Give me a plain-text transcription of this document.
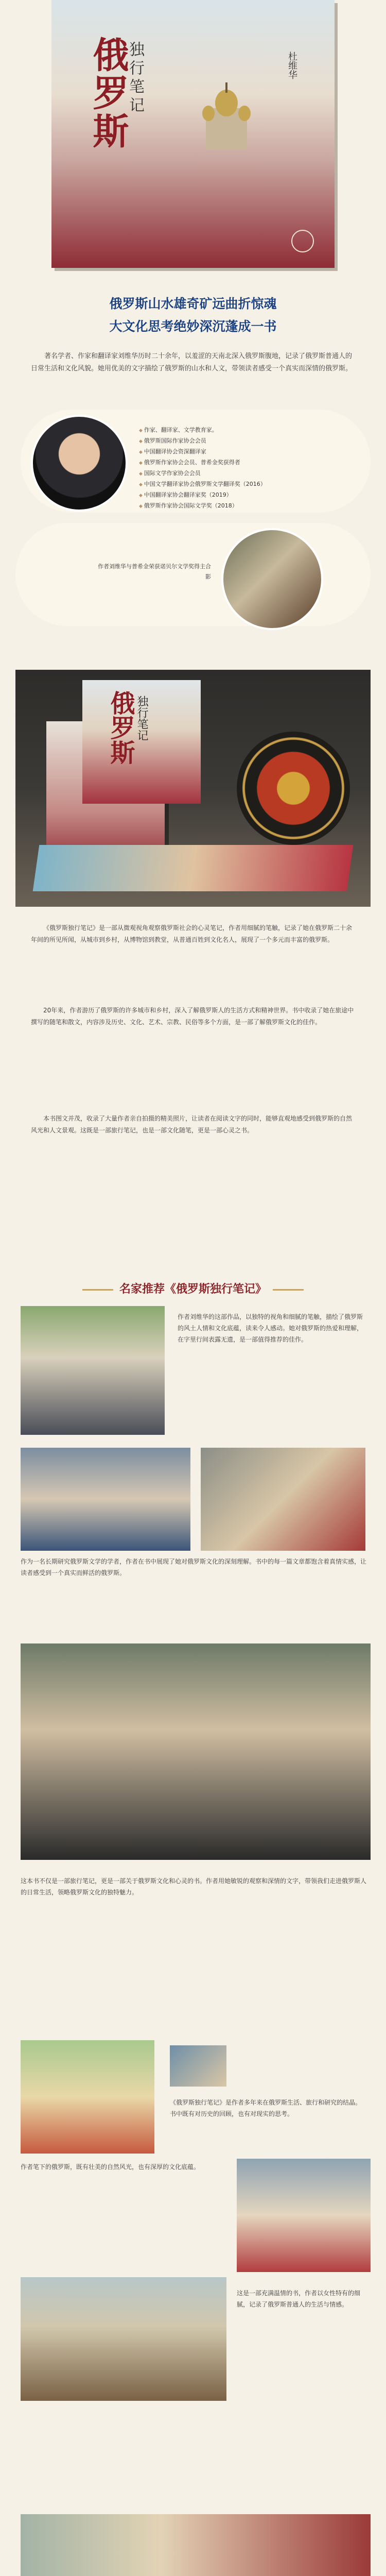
俄罗斯
独行笔记	杜维华
俄罗斯山水雄奇矿远曲折惊魂
大文化思考绝妙深沉蓬成一书
著名学者、作家和翻译家刘维华历时二十余年，以羞涩的天南北深入俄罗斯腹地，记录了俄罗斯普通人的日常生活和文化风貌。她用优美的文字描绘了俄罗斯的山水和人文，带领读者感受一个真实而深情的俄罗斯。
◆ 作家、翻译家、文学教育家。
◆ 俄罗斯国际作家协会会员
◆ 中国翻译协会资深翻译家
◆ 俄罗斯作家协会会员、普希金奖获得者
◆ 国际文学作家协会会员
◆ 中国文学翻译家协会俄罗斯文学翻译奖（2016）
◆ 中国翻译家协会翻译家奖（2019）
◆ 俄罗斯作家协会国际文学奖（2018）
作者刘维华与普希金荣获诺贝尔文学奖得主合影
俄罗斯 独行笔记
《俄罗斯独行笔记》是一部从微观视角观察俄罗斯社会的心灵笔记，作者用细腻的笔触，记录了她在俄罗斯二十余年间的所见所闻，从城市到乡村，从博物馆到教堂，从普通百姓到文化名人，展现了一个多元而丰富的俄罗斯。
20年来，作者游历了俄罗斯的许多城市和乡村，深入了解俄罗斯人的生活方式和精神世界。书中收录了她在旅途中撰写的随笔和散文，内容涉及历史、文化、艺术、宗教、民俗等多个方面，是一部了解俄罗斯文化的佳作。
本书图文并茂，收录了大量作者亲自拍摄的精美照片，让读者在阅读文字的同时，能够直观地感受到俄罗斯的自然风光和人文景观。这既是一部旅行笔记，也是一部文化随笔，更是一部心灵之书。
名家推荐《俄罗斯独行笔记》
作者刘维华的这部作品，以独特的视角和细腻的笔触，描绘了俄罗斯的风土人情和文化底蕴，读来令人感动。她对俄罗斯的热爱和理解，在字里行间表露无遗，是一部值得推荐的佳作。
作为一名长期研究俄罗斯文学的学者，作者在书中展现了她对俄罗斯文化的深刻理解。书中的每一篇文章都饱含着真情实感，让读者感受到一个真实而鲜活的俄罗斯。
这本书不仅是一部旅行笔记，更是一部关于俄罗斯文化和心灵的书。作者用她敏锐的观察和深情的文字，带领我们走进俄罗斯人的日常生活，领略俄罗斯文化的独特魅力。
《俄罗斯独行笔记》是作者多年来在俄罗斯生活、旅行和研究的结晶。书中既有对历史的回顾，也有对现实的思考。
作者笔下的俄罗斯，既有壮美的自然风光，也有深厚的文化底蕴。
这是一部充满温情的书，作者以女性特有的细腻，记录了俄罗斯普通人的生活与情感。
